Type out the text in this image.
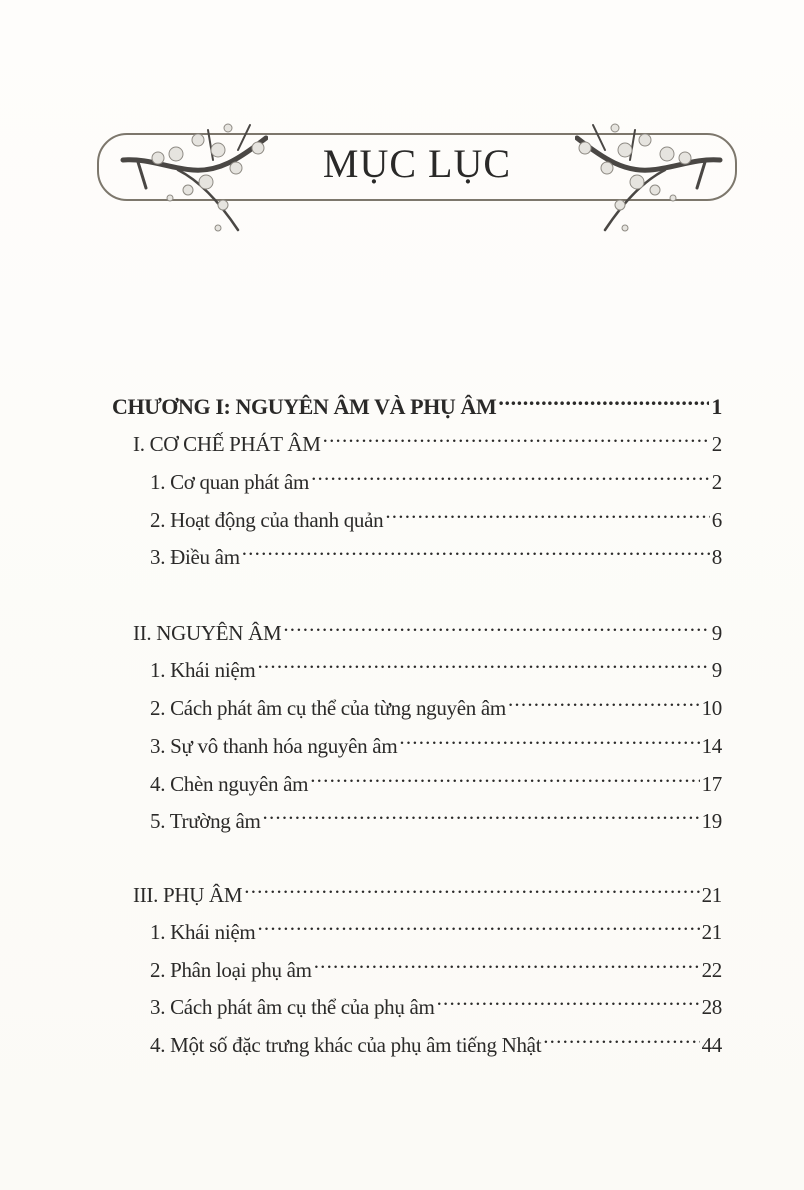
MỤC LỤC
CHƯƠNG I: NGUYÊN ÂM VÀ PHỤ ÂM .....	1
I. CƠ CHẾ PHÁT ÂM .....	2
1. Cơ quan phát âm .....	2
2. Hoạt động của thanh quản .....	6
3. Điều âm .....	8
II. NGUYÊN ÂM .....	9
1. Khái niệm .....	9
2. Cách phát âm cụ thể của từng nguyên âm .....	10
3. Sự vô thanh hóa nguyên âm .....	14
4. Chèn nguyên âm .....	17
5. Trường âm .....	19
III. PHỤ ÂM .....	21
1. Khái niệm .....	21
2. Phân loại phụ âm .....	22
3. Cách phát âm cụ thể của phụ âm .....	28
4. Một số đặc trưng khác của phụ âm tiếng Nhật .....	44
